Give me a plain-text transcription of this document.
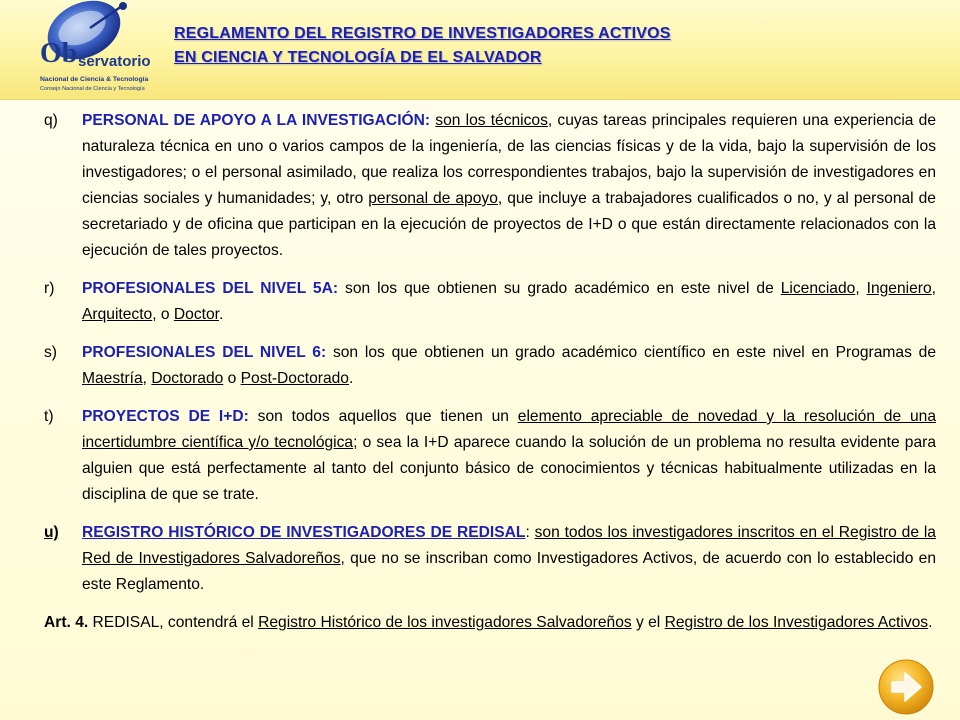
Ob servatorio
Nacional de Ciencia & Tecnología
Consejo Nacional de Ciencia y Tecnología
REGLAMENTO DEL REGISTRO DE INVESTIGADORES ACTIVOS
EN CIENCIA Y TECNOLOGÍA DE EL SALVADOR
q)	PERSONAL DE APOYO A LA INVESTIGACIÓN: son los técnicos, cuyas tareas principales requieren una experiencia de naturaleza técnica en uno o varios campos de la ingeniería, de las ciencias físicas y de la vida, bajo la supervisión de los investigadores; o el personal asimilado, que realiza los correspondientes trabajos, bajo la supervisión de investigadores en ciencias sociales y humanidades; y, otro personal de apoyo, que incluye a trabajadores cualificados o no, y al personal de secretariado y de oficina que participan en la ejecución de proyectos de I+D o que están directamente relacionados con la ejecución de tales proyectos.
r)	PROFESIONALES DEL NIVEL 5A: son los que obtienen su grado académico en este nivel de Licenciado, Ingeniero, Arquitecto, o Doctor.
s)	PROFESIONALES DEL NIVEL 6: son los que obtienen un grado académico científico en este nivel en Programas de Maestría, Doctorado o Post-Doctorado.
t)	PROYECTOS DE I+D: son todos aquellos que tienen un elemento apreciable de novedad y la resolución de una incertidumbre científica y/o tecnológica; o sea la I+D aparece cuando la solución de un problema no resulta evidente para alguien que está perfectamente al tanto del conjunto básico de conocimientos y técnicas habitualmente utilizadas en la disciplina de que se trate.
u)	REGISTRO HISTÓRICO DE INVESTIGADORES DE REDISAL: son todos los investigadores inscritos en el Registro de la Red de Investigadores Salvadoreños, que no se inscriban como Investigadores Activos, de acuerdo con lo establecido en este Reglamento.
Art. 4. REDISAL, contendrá el Registro Histórico de los investigadores Salvadoreños y el Registro de los Investigadores Activos.
